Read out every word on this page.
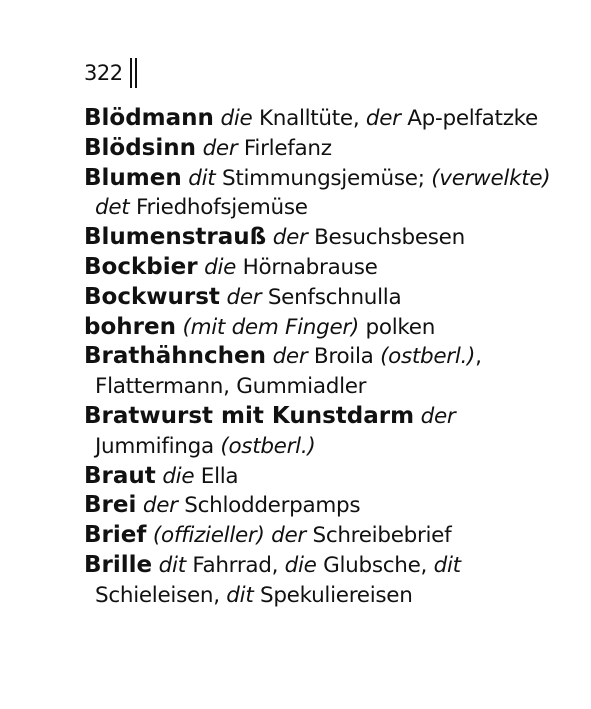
322
Blödmann die Knalltüte, der Ap-pelfatzke
Blödsinn der Firlefanz
Blumen dit Stimmungsjemüse; (verwelkte) det Friedhofsjemüse
Blumenstrauß der Besuchsbesen
Bockbier die Hörnabrause
Bockwurst der Senfschnulla
bohren (mit dem Finger) polken
Brathähnchen der Broila (ostberl.), Flattermann, Gummiadler
Bratwurst mit Kunstdarm der Jummifinga (ostberl.)
Braut die Ella
Brei der Schlodderpamps
Brief (offizieller) der Schreibebrief
Brille dit Fahrrad, die Glubsche, dit Schieleisen, dit Spekuliereisen
